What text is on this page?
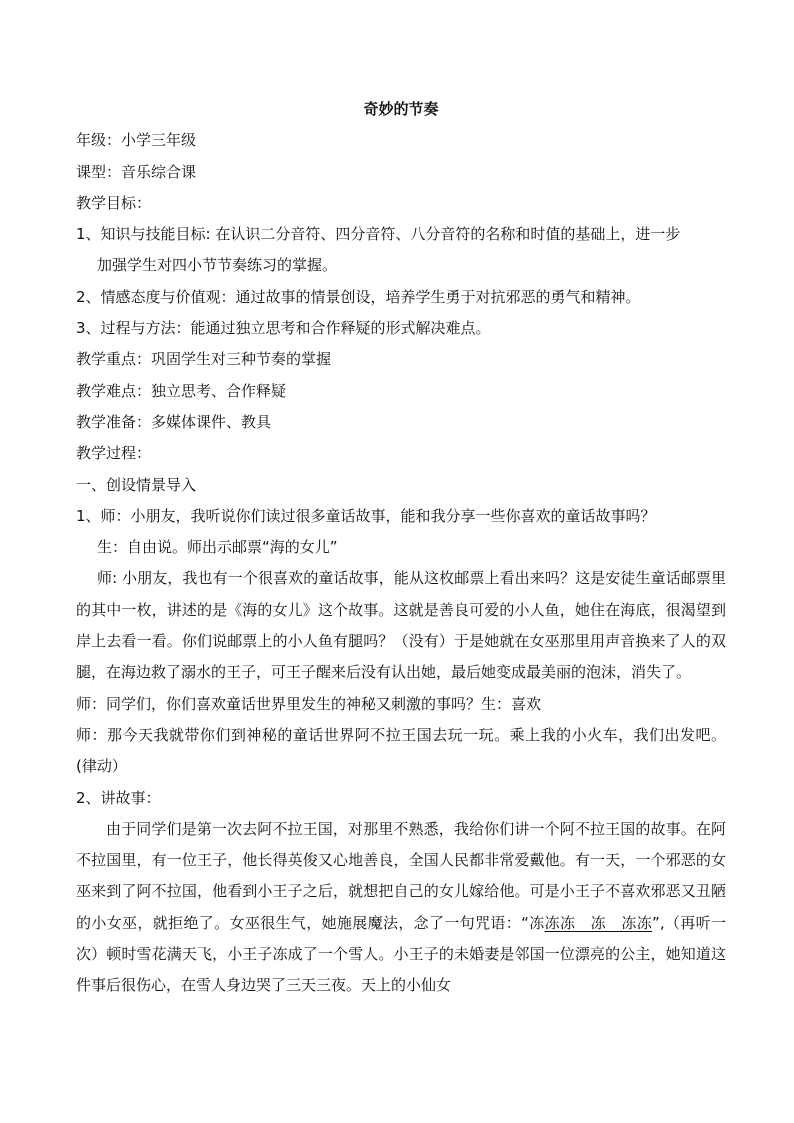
奇妙的节奏

年级：小学三年级

课型：音乐综合课

教学目标：

1、知识与技能目标: 在认识二分音符、四分音符、八分音符的名称和时值的基础上，进一步

加强学生对四小节节奏练习的掌握。

2、情感态度与价值观：通过故事的情景创设，培养学生勇于对抗邪恶的勇气和精神。

3、过程与方法：能通过独立思考和合作释疑的形式解决难点。

教学重点：巩固学生对三种节奏的掌握

教学难点：独立思考、合作释疑

教学准备：多媒体课件、教具

教学过程：

一、创设情景导入

1、师：小朋友，我听说你们读过很多童话故事，能和我分享一些你喜欢的童话故事吗？

生：自由说。师出示邮票“海的女儿”

师: 小朋友，我也有一个很喜欢的童话故事，能从这枚邮票上看出来吗？这是安徒生童话邮票里的其中一枚，讲述的是《海的女儿》这个故事。这就是善良可爱的小人鱼，她住在海底，很渴望到岸上去看一看。你们说邮票上的小人鱼有腿吗？（没有）于是她就在女巫那里用声音换来了人的双腿，在海边救了溺水的王子，可王子醒来后没有认出她，最后她变成最美丽的泡沫，消失了。

师：同学们，你们喜欢童话世界里发生的神秘又刺激的事吗？生：喜欢

师：那今天我就带你们到神秘的童话世界阿不拉王国去玩一玩。乘上我的小火车，我们出发吧。(律动）

2、讲故事：

由于同学们是第一次去阿不拉王国，对那里不熟悉，我给你们讲一个阿不拉王国的故事。在阿不拉国里，有一位王子，他长得英俊又心地善良，全国人民都非常爱戴他。有一天，一个邪恶的女巫来到了阿不拉国，他看到小王子之后，就想把自己的女儿嫁给他。可是小王子不喜欢邪恶又丑陋的小女巫，就拒绝了。女巫很生气，她施展魔法，念了一句咒语：“冻冻冻　冻　冻冻”,（再听一次）顿时雪花满天飞，小王子冻成了一个雪人。小王子的未婚妻是邻国一位漂亮的公主，她知道这件事后很伤心，在雪人身边哭了三天三夜。天上的小仙女
